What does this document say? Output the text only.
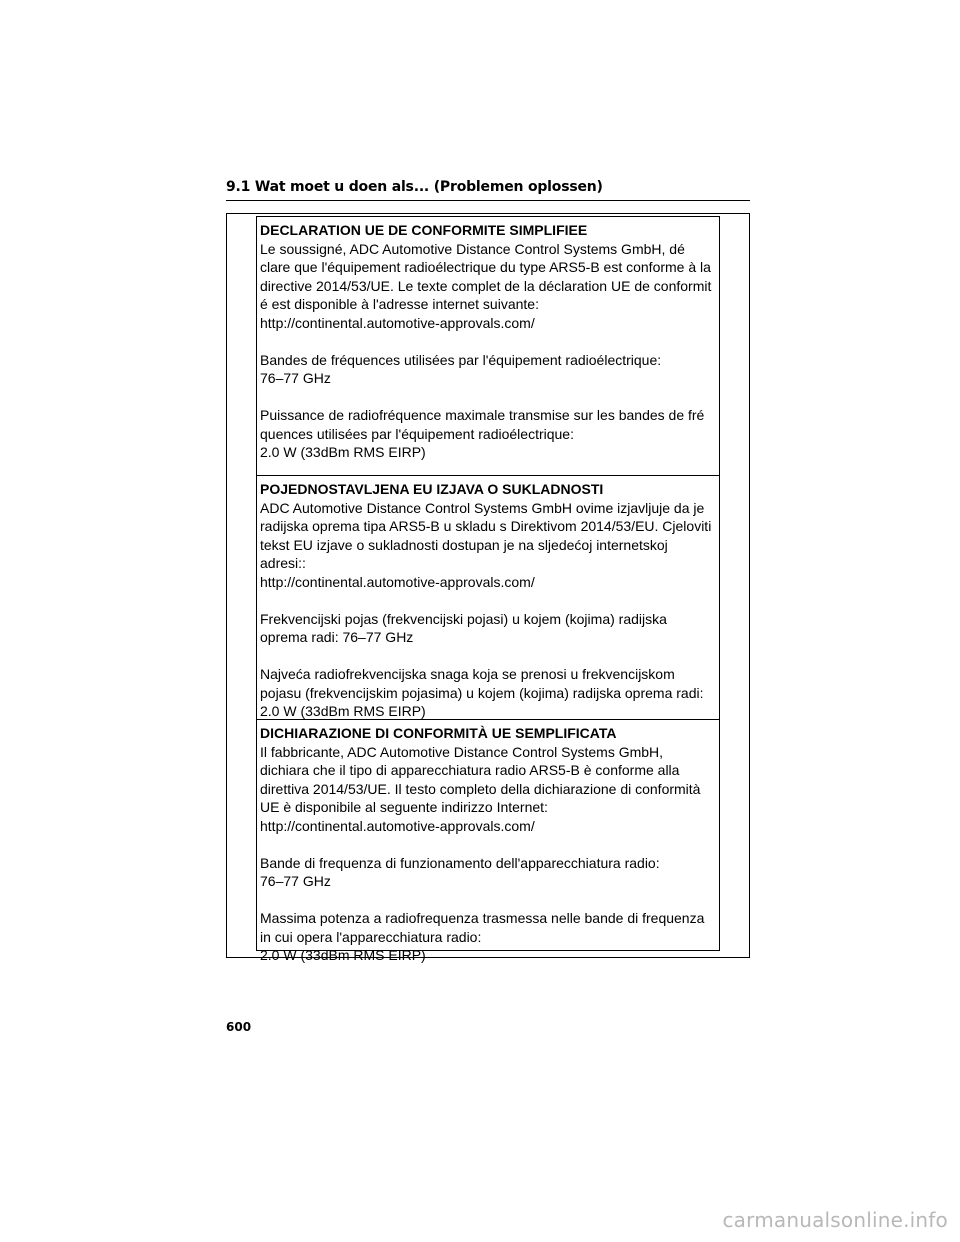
9.1 Wat moet u doen als... (Problemen oplossen)
DECLARATION UE DE CONFORMITE SIMPLIFIEE

Le soussigné, ADC Automotive Distance Control Systems GmbH, dé
clare que l'équipement radioélectrique du type ARS5-B est conforme à la
directive 2014/53/UE. Le texte complet de la déclaration UE de conformit
é est disponible à l'adresse internet suivante:
http://continental.automotive-approvals.com/

Bandes de fréquences utilisées par l'équipement radioélectrique:
76–77 GHz

Puissance de radiofréquence maximale transmise sur les bandes de fré
quences utilisées par l'équipement radioélectrique:
2.0 W (33dBm RMS EIRP)

POJEDNOSTAVLJENA EU IZJAVA O SUKLADNOSTI

ADC Automotive Distance Control Systems GmbH ovime izjavljuje da je
radijska oprema tipa ARS5-B u skladu s Direktivom 2014/53/EU. Cjeloviti
tekst EU izjave o sukladnosti dostupan je na sljedećoj internetskoj
adresi::
http://continental.automotive-approvals.com/

Frekvencijski pojas (frekvencijski pojasi) u kojem (kojima) radijska
oprema radi: 76–77 GHz

Najveća radiofrekvencijska snaga koja se prenosi u frekvencijskom
pojasu (frekvencijskim pojasima) u kojem (kojima) radijska oprema radi:
2.0 W (33dBm RMS EIRP)

DICHIARAZIONE DI CONFORMITÀ UE SEMPLIFICATA

Il fabbricante, ADC Automotive Distance Control Systems GmbH,
dichiara che il tipo di apparecchiatura radio ARS5-B è conforme alla
direttiva 2014/53/UE. Il testo completo della dichiarazione di conformità
UE è disponibile al seguente indirizzo Internet:
http://continental.automotive-approvals.com/

Bande di frequenza di funzionamento dell'apparecchiatura radio:
76–77 GHz

Massima potenza a radiofrequenza trasmessa nelle bande di frequenza
in cui opera l'apparecchiatura radio:
2.0 W (33dBm RMS EIRP)

600
carmanualsonline.info
